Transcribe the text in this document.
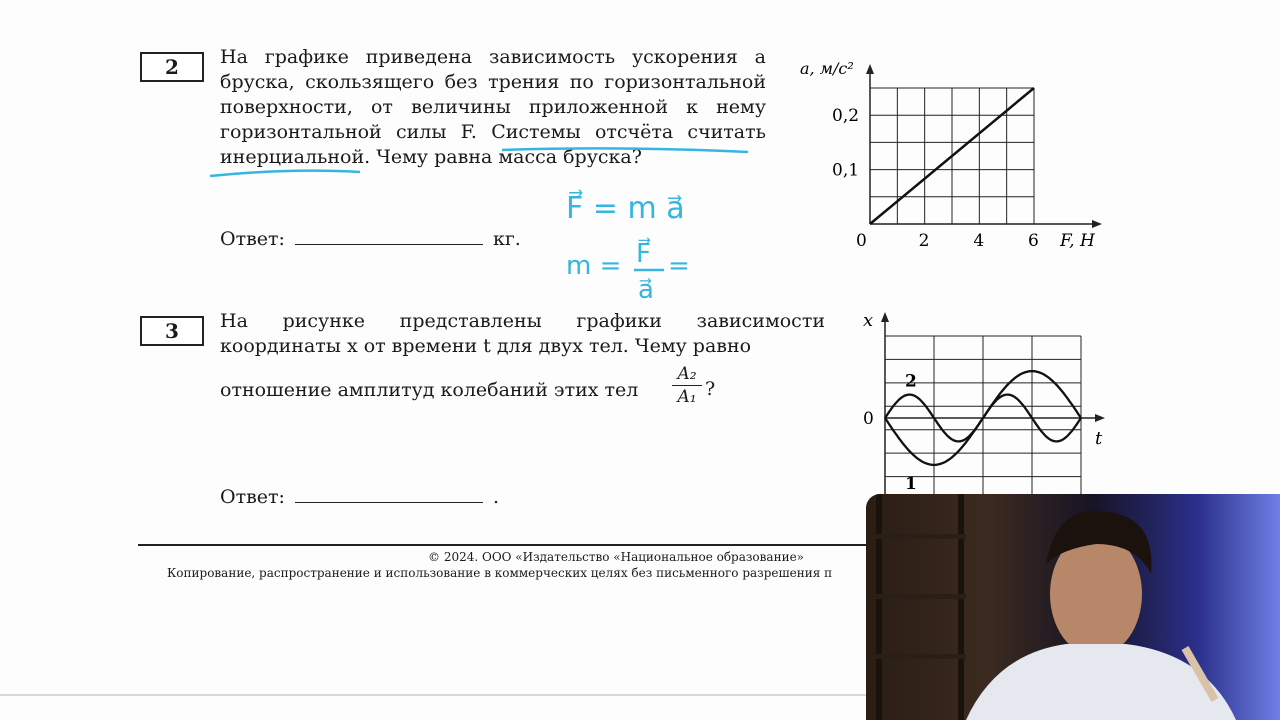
2	На графике приведена зависимость ускорения a
бруска, скользящего без трения по горизонтальной
поверхности, от величины приложенной к нему
горизонтальной силы F. Системы отсчёта считать
инерциальной. Чему равна масса бруска?
Ответ:	кг.
F⃗ = m a⃗
m = F⃗
a⃗
=
0	2	4	6
0,1
0,2
F, Н
a, м/с²
3	На рисунке представлены графики зависимости
координаты x от времени t для двух тел. Чему равно
отношение амплитуд колебаний этих тел
A₂
A₁ ?
Ответ:	.
2
1
0
t
x
© 2024. ООО «Издательство «Национальное образование»
Копирование, распространение и использование в коммерческих целях без письменного разрешения п
